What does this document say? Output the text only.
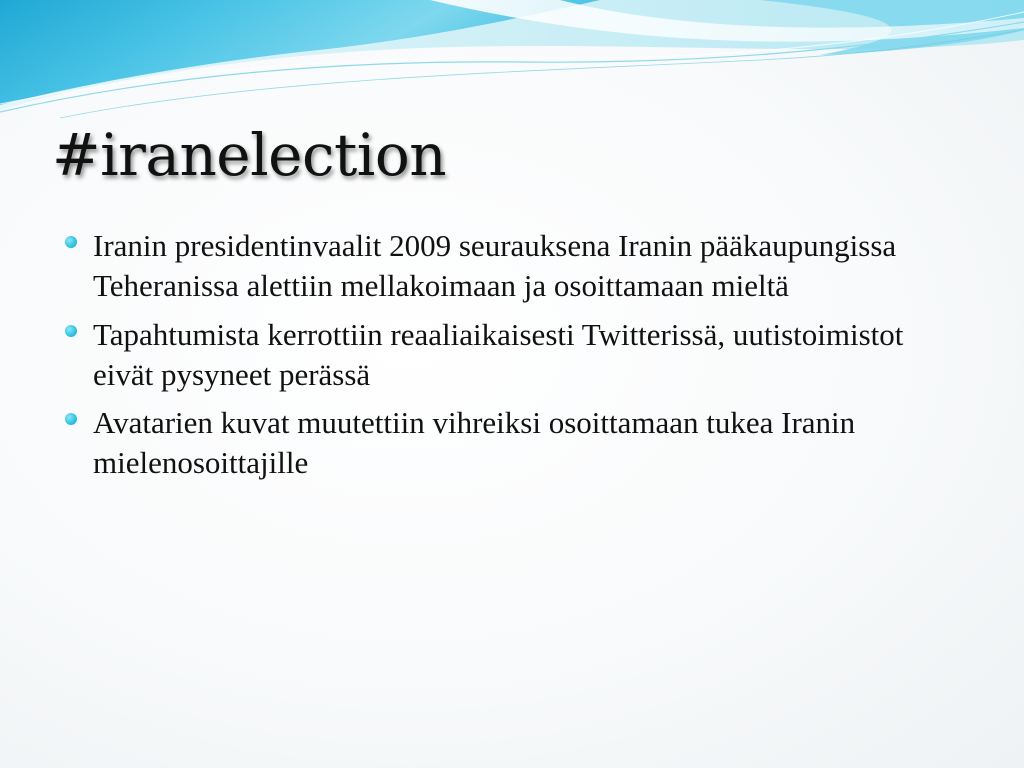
#iranelection
Iranin presidentinvaalit 2009 seurauksena Iranin pääkaupungissa Teheranissa alettiin mellakoimaan ja osoittamaan mieltä
Tapahtumista kerrottiin reaaliaikaisesti Twitterissä, uutistoimistot eivät pysyneet perässä
Avatarien kuvat muutettiin vihreiksi osoittamaan tukea Iranin mielenosoittajille
